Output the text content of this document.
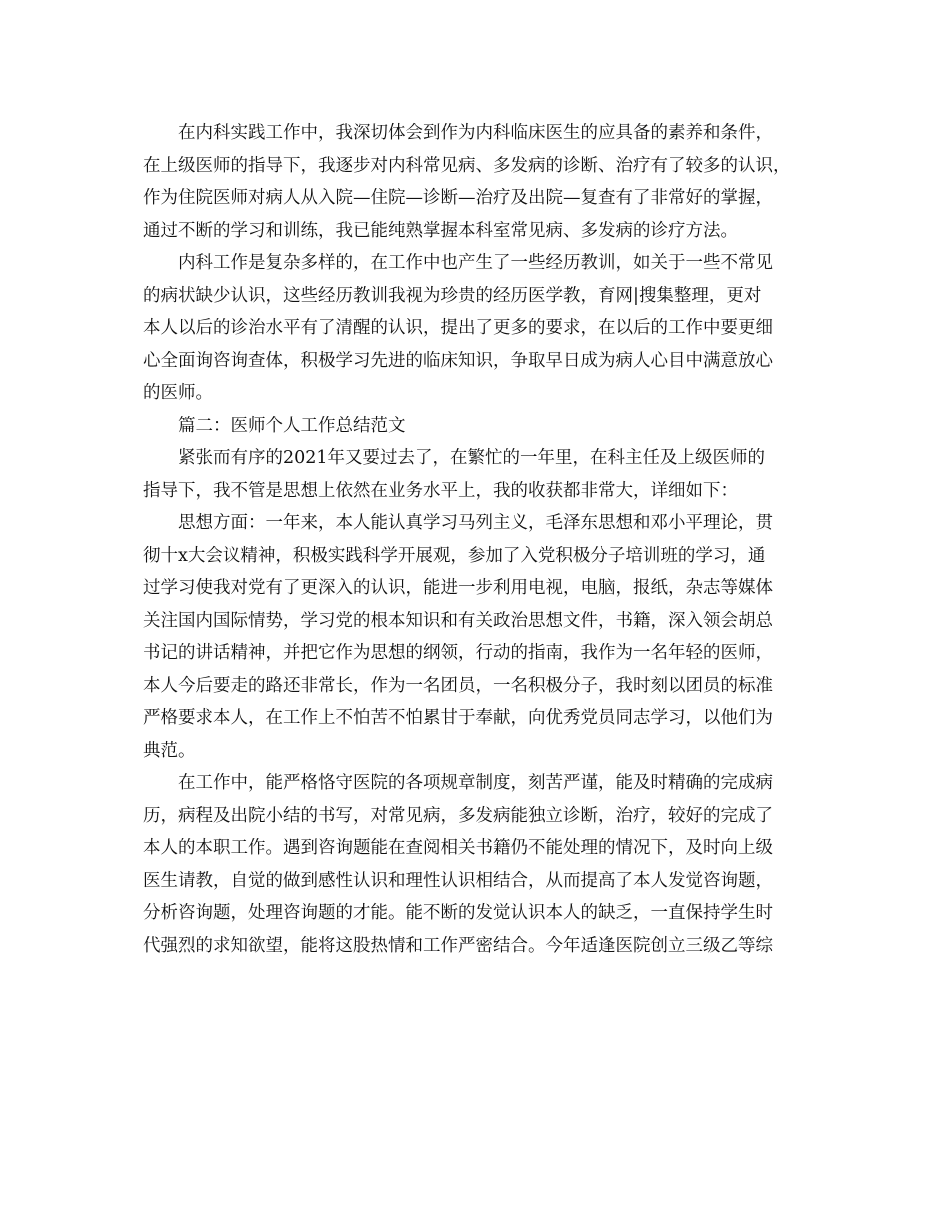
在内科实践工作中，我深切体会到作为内科临床医生的应具备的素养和条件，
在上级医师的指导下，我逐步对内科常见病、多发病的诊断、治疗有了较多的认识，
作为住院医师对病人从入院—住院—诊断—治疗及出院—复查有了非常好的掌握，
通过不断的学习和训练，我已能纯熟掌握本科室常见病、多发病的诊疗方法。
内科工作是复杂多样的，在工作中也产生了一些经历教训，如关于一些不常见
的病状缺少认识，这些经历教训我视为珍贵的经历医学教，育网|搜集整理，更对
本人以后的诊治水平有了清醒的认识，提出了更多的要求，在以后的工作中要更细
心全面询咨询查体，积极学习先进的临床知识，争取早日成为病人心目中满意放心
的医师。
篇二：医师个人工作总结范文
紧张而有序的2021年又要过去了，在繁忙的一年里，在科主任及上级医师的
指导下，我不管是思想上依然在业务水平上，我的收获都非常大，详细如下：
思想方面：一年来，本人能认真学习马列主义，毛泽东思想和邓小平理论，贯
彻十x大会议精神，积极实践科学开展观，参加了入党积极分子培训班的学习，通
过学习使我对党有了更深入的认识，能进一步利用电视，电脑，报纸，杂志等媒体
关注国内国际情势，学习党的根本知识和有关政治思想文件，书籍，深入领会胡总
书记的讲话精神，并把它作为思想的纲领，行动的指南，我作为一名年轻的医师，
本人今后要走的路还非常长，作为一名团员，一名积极分子，我时刻以团员的标准
严格要求本人，在工作上不怕苦不怕累甘于奉献，向优秀党员同志学习，以他们为
典范。
在工作中，能严格恪守医院的各项规章制度，刻苦严谨，能及时精确的完成病
历，病程及出院小结的书写，对常见病，多发病能独立诊断，治疗，较好的完成了
本人的本职工作。遇到咨询题能在查阅相关书籍仍不能处理的情况下，及时向上级
医生请教，自觉的做到感性认识和理性认识相结合，从而提高了本人发觉咨询题，
分析咨询题，处理咨询题的才能。能不断的发觉认识本人的缺乏，一直保持学生时
代强烈的求知欲望，能将这股热情和工作严密结合。今年适逢医院创立三级乙等综
